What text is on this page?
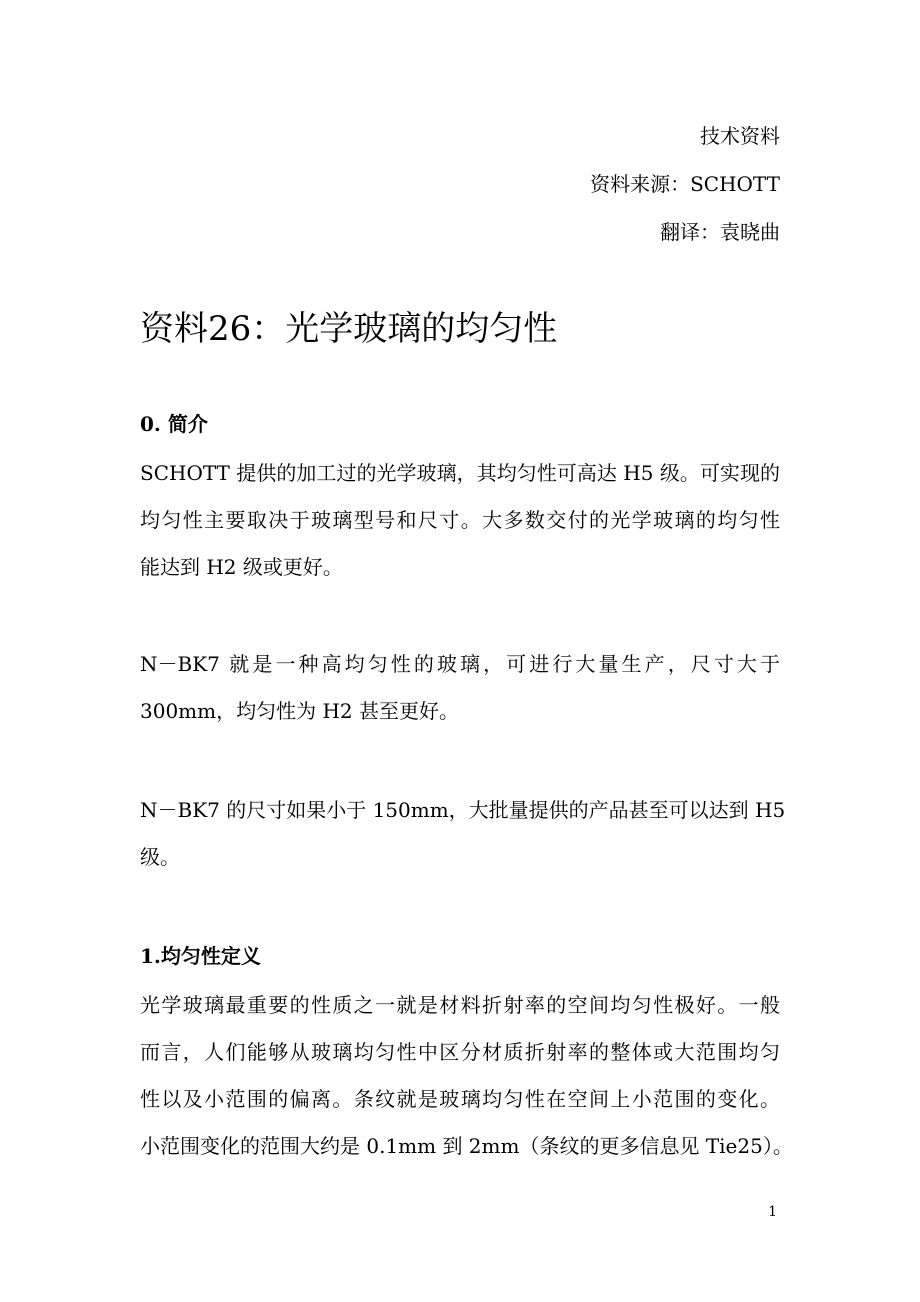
技术资料
资料来源：SCHOTT
翻译：袁晓曲
资料26：光学玻璃的均匀性
0. 简介
SCHOTT 提供的加工过的光学玻璃，其均匀性可高达 H5 级。可实现的
均匀性主要取决于玻璃型号和尺寸。大多数交付的光学玻璃的均匀性
能达到 H2 级或更好。
N－BK7 就是一种高均匀性的玻璃，可进行大量生产，尺寸大于
300mm，均匀性为 H2 甚至更好。
N－BK7 的尺寸如果小于 150mm，大批量提供的产品甚至可以达到 H5
级。
1.均匀性定义
光学玻璃最重要的性质之一就是材料折射率的空间均匀性极好。一般
而言，人们能够从玻璃均匀性中区分材质折射率的整体或大范围均匀
性以及小范围的偏离。条纹就是玻璃均匀性在空间上小范围的变化。
小范围变化的范围大约是 0.1mm 到 2mm（条纹的更多信息见 Tie25）。
1
